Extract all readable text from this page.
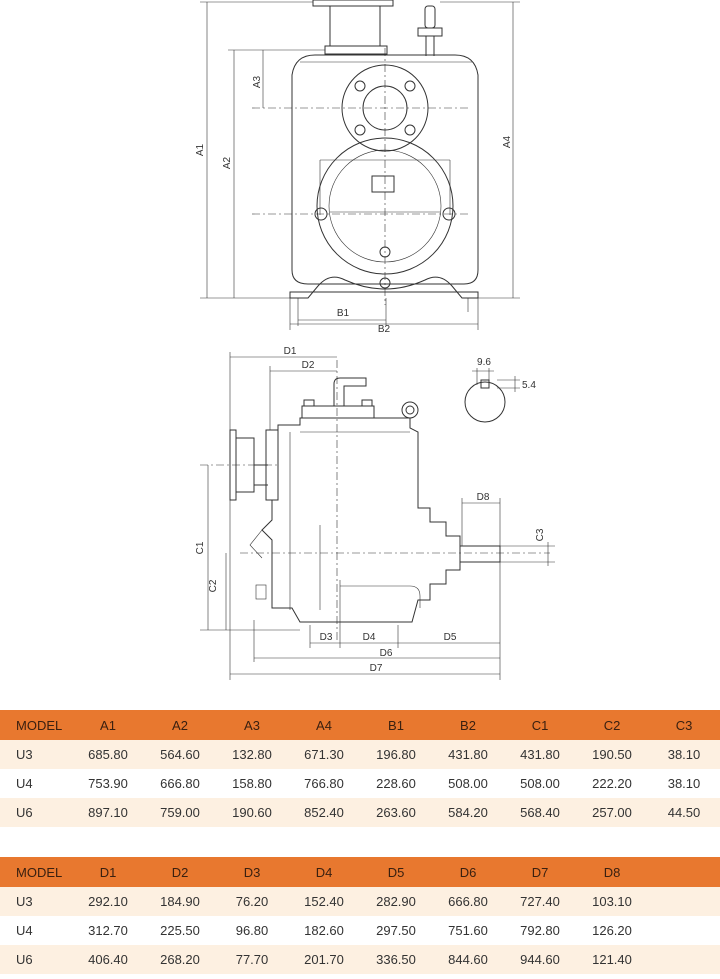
A1
A2
A3
A4
B1
B2
D1
D2
D3	D4	D5
D6
D7
D8
C1
C2
C3
9.6
5.4
MODEL	A1	A2	A3	A4	B1	B2	C1	C2	C3
U3	685.80	564.60	132.80	671.30	196.80	431.80	431.80	190.50	38.10
U4	753.90	666.80	158.80	766.80	228.60	508.00	508.00	222.20	38.10
U6	897.10	759.00	190.60	852.40	263.60	584.20	568.40	257.00	44.50
MODEL	D1	D2	D3	D4	D5	D6	D7	D8	
U3	292.10	184.90	76.20	152.40	282.90	666.80	727.40	103.10	
U4	312.70	225.50	96.80	182.60	297.50	751.60	792.80	126.20	
U6	406.40	268.20	77.70	201.70	336.50	844.60	944.60	121.40	
